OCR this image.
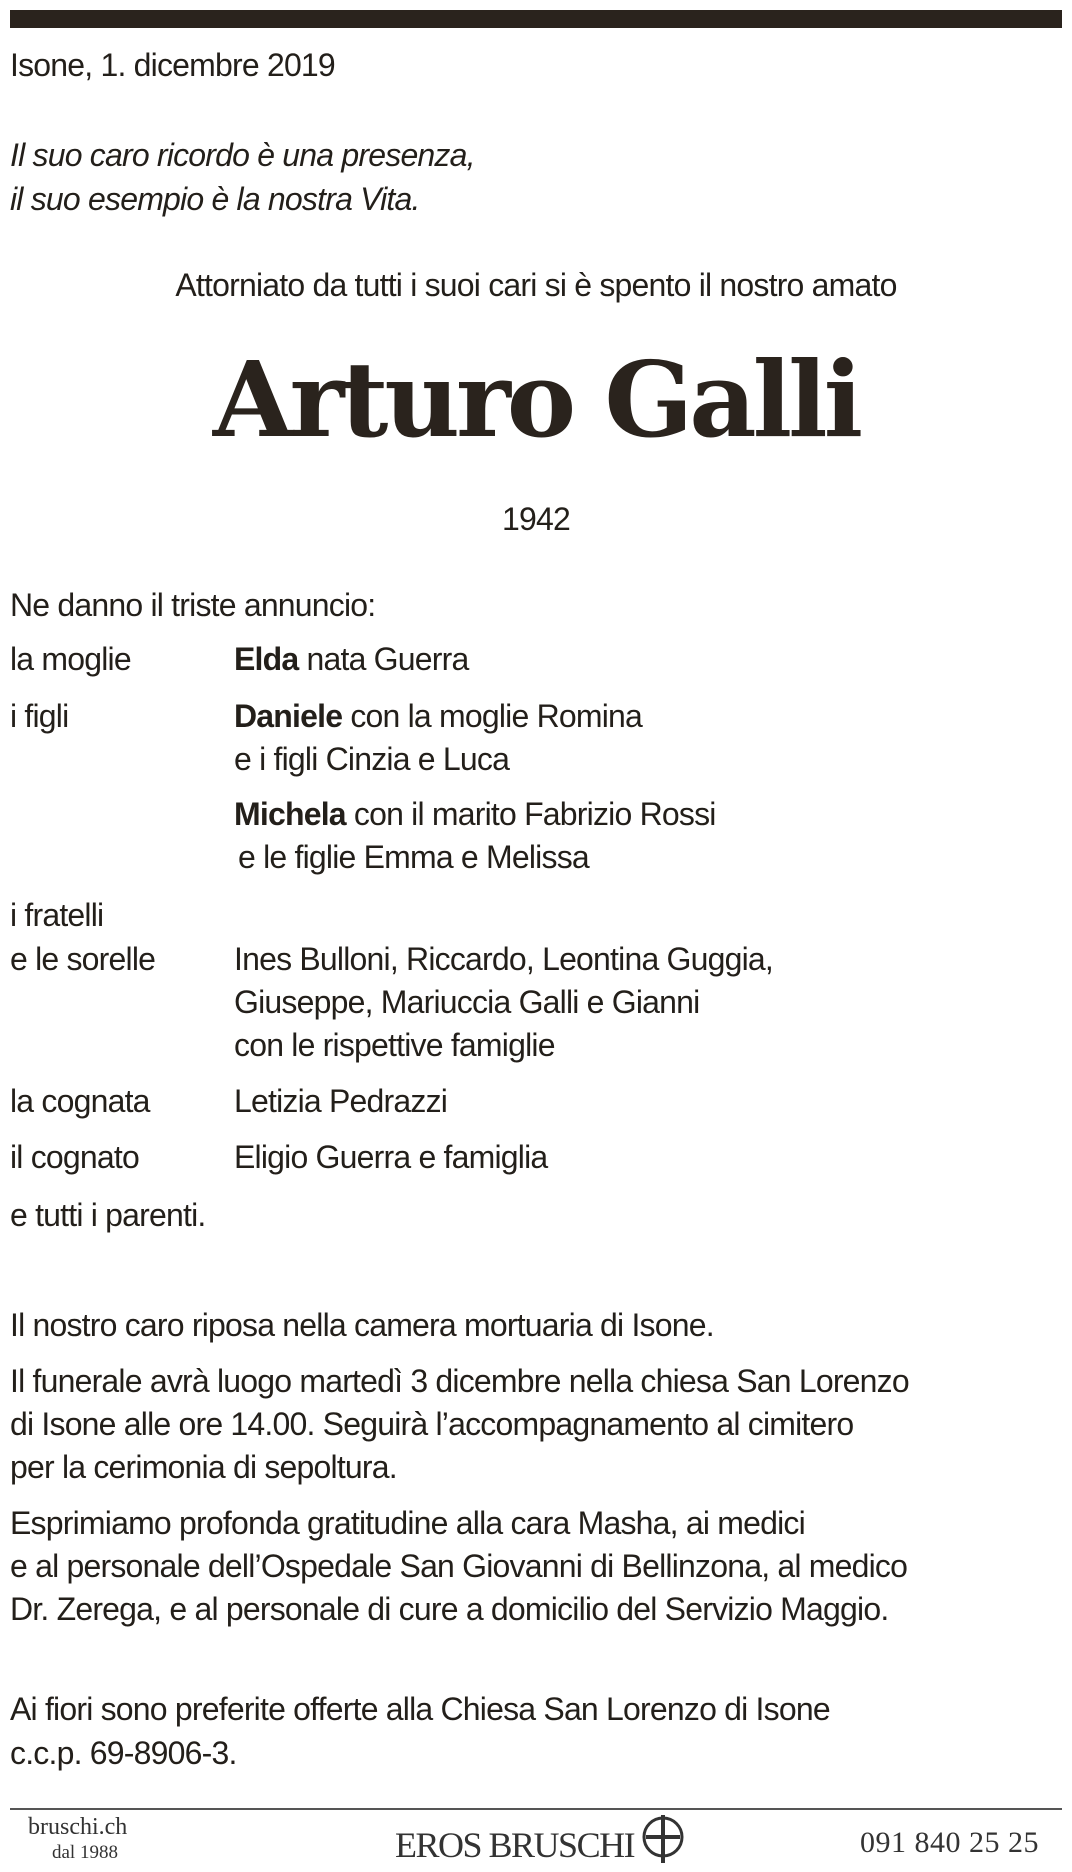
Isone, 1. dicembre 2019
Il suo caro ricordo è una presenza,
il suo esempio è la nostra Vita.
Attorniato da tutti i suoi cari si è spento il nostro amato
Arturo Galli
1942
Ne danno il triste annuncio:
la moglie	Elda nata Guerra
i figli	Daniele con la moglie Romina
e i figli Cinzia e Luca
Michela con il marito Fabrizio Rossi
e le figlie Emma e Melissa
i fratelli
e le sorelle Ines Bulloni, Riccardo, Leontina Guggia,
Giuseppe, Mariuccia Galli e Gianni
con le rispettive famiglie
la cognata	Letizia Pedrazzi
il cognato	Eligio Guerra e famiglia
e tutti i parenti.
Il nostro caro riposa nella camera mortuaria di Isone.
Il funerale avrà luogo martedì 3 dicembre nella chiesa San Lorenzo
di Isone alle ore 14.00. Seguirà l’accompagnamento al cimitero
per la cerimonia di sepoltura.
Esprimiamo profonda gratitudine alla cara Masha, ai medici
e al personale dell’Ospedale San Giovanni di Bellinzona, al medico
Dr. Zerega, e al personale di cure a domicilio del Servizio Maggio.
Ai fiori sono preferite offerte alla Chiesa San Lorenzo di Isone
c.c.p. 69-8906-3.
bruschi.ch
dal 1988	EROS BRUSCHI	091 840 25 25
